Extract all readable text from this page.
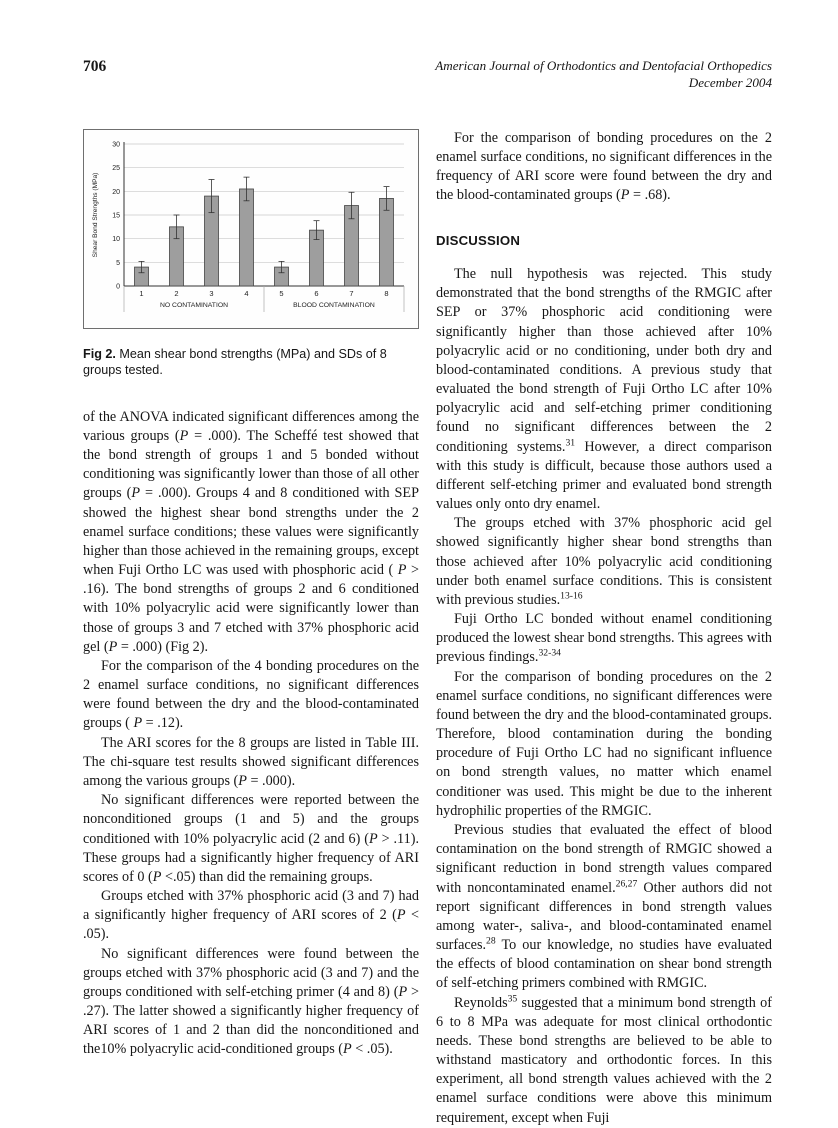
706	American Journal of Orthodontics and Dentofacial Orthopedics
December 2004
0
5
10
15
20
25
30
1	2	3	4	5	6	7	8
NO CONTAMINATION	BLOOD CONTAMINATION
Shear Bond Strengths (MPa)
Fig 2. Mean shear bond strengths (MPa) and SDs of 8 groups tested.

of the ANOVA indicated significant differences among the various groups (P = .000). The Scheffé test showed that the bond strength of groups 1 and 5 bonded without conditioning was significantly lower than those of all other groups (P = .000). Groups 4 and 8 conditioned with SEP showed the highest shear bond strengths under the 2 enamel surface conditions; these values were significantly higher than those achieved in the remaining groups, except when Fuji Ortho LC was used with phosphoric acid ( P > .16). The bond strengths of groups 2 and 6 conditioned with 10% polyacrylic acid were significantly lower than those of groups 3 and 7 etched with 37% phosphoric acid gel (P = .000) (Fig 2).

For the comparison of the 4 bonding procedures on the 2 enamel surface conditions, no significant differences were found between the dry and the blood-contaminated groups ( P = .12).

The ARI scores for the 8 groups are listed in Table III. The chi-square test results showed significant differences among the various groups (P = .000).

No significant differences were reported between the nonconditioned groups (1 and 5) and the groups conditioned with 10% polyacrylic acid (2 and 6) (P > .11). These groups had a significantly higher frequency of ARI scores of 0 (P <.05) than did the remaining groups.

Groups etched with 37% phosphoric acid (3 and 7) had a significantly higher frequency of ARI scores of 2 (P < .05).

No significant differences were found between the groups etched with 37% phosphoric acid (3 and 7) and the groups conditioned with self-etching primer (4 and 8) (P > .27). The latter showed a significantly higher frequency of ARI scores of 1 and 2 than did the nonconditioned and the10% polyacrylic acid-conditioned groups (P < .05).

For the comparison of bonding procedures on the 2 enamel surface conditions, no significant differences in the frequency of ARI score were found between the dry and the blood-contaminated groups (P = .68).

DISCUSSION

The null hypothesis was rejected. This study demonstrated that the bond strengths of the RMGIC after SEP or 37% phosphoric acid conditioning were significantly higher than those achieved after 10% polyacrylic acid or no conditioning, under both dry and blood-contaminated conditions. A previous study that evaluated the bond strength of Fuji Ortho LC after 10% polyacrylic acid and self-etching primer conditioning found no significant differences between the 2 conditioning systems.$^{31}$ However, a direct comparison with this study is difficult, because those authors used a different self-etching primer and evaluated bond strength values only onto dry enamel.

The groups etched with 37% phosphoric acid gel showed significantly higher shear bond strengths than those achieved after 10% polyacrylic acid conditioning under both enamel surface conditions. This is consistent with previous studies.$^{13-16}$

Fuji Ortho LC bonded without enamel conditioning produced the lowest shear bond strengths. This agrees with previous findings.$^{32-34}$

For the comparison of bonding procedures on the 2 enamel surface conditions, no significant differences were found between the dry and the blood-contaminated groups. Therefore, blood contamination during the bonding procedure of Fuji Ortho LC had no significant influence on bond strength values, no matter which enamel conditioner was used. This might be due to the inherent hydrophilic properties of the RMGIC.

Previous studies that evaluated the effect of blood contamination on the bond strength of RMGIC showed a significant reduction in bond strength values compared with noncontaminated enamel.$^{26,27}$ Other authors did not report significant differences in bond strength values among water-, saliva-, and blood-contaminated enamel surfaces.$^{28}$ To our knowledge, no studies have evaluated the effects of blood contamination on shear bond strength of self-etching primers combined with RMGIC.

Reynolds$^{35}$ suggested that a minimum bond strength of 6 to 8 MPa was adequate for most clinical orthodontic needs. These bond strengths are believed to be able to withstand masticatory and orthodontic forces. In this experiment, all bond strength values achieved with the 2 enamel surface conditions were above this minimum requirement, except when Fuji
